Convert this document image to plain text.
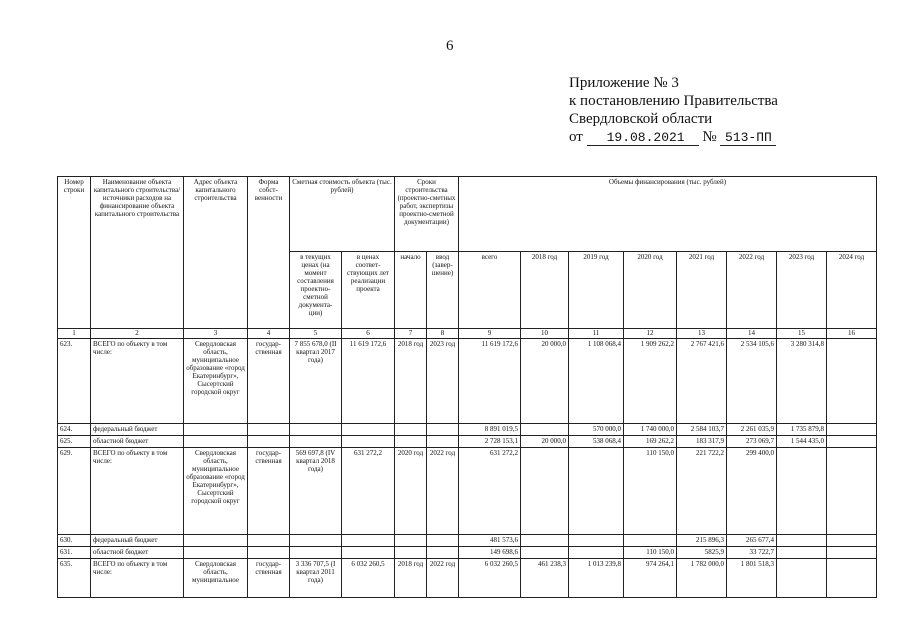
6
Приложение № 3
к постановлению Правительства
Свердловской области
от 19.08.2021 № 513-ПП
Номер строки	Наименование объекта капитального строительства/ источники расходов на финансирование объекта капитального строительства	Адрес объекта капитального строительства	Форма собст-венности	Сметная стоимость объекта (тыс. рублей)		Сроки строительства (проектно-сметных работ, экспертизы проектно-сметной документации)		Объемы финансирования (тыс. рублей)							
				в текущих ценах (на момент составления проектно-сметной документа-ции)	в ценах соответ-ствующих лет реализации проекта	начало	ввод (завер-шение)	всего	2018 год	2019 год	2020 год	2021 год	2022 год	2023 год	2024 год
1	2	3	4	5	6	7	8	9	10	11	12	13	14	15	16
623.	ВСЕГО по объекту в том числе:	Свердловская область, муниципальное образование «город Екатеринбург», Сысертский городской округ	государ-ственная	7 855 678,0 (II квартал 2017 года)	11 619 172,6	2018 год	2023 год	11 619 172,6	20 000,0	1 108 068,4	1 909 262,2	2 767 421,6	2 534 105,6	3 280 314,8	
624.	федеральный бюджет							8 891 019,5		570 000,0	1 740 000,0	2 584 103,7	2 261 035,9	1 735 879,8	
625.	областной бюджет							2 728 153,1	20 000,0	538 068,4	169 262,2	183 317,9	273 069,7	1 544 435,0	
629.	ВСЕГО по объекту в том числе:	Свердловская область, муниципальное образование «город Екатеринбург», Сысертский городской округ	государ-ственная	569 697,8 (IV квартал 2018 года)	631 272,2	2020 год	2022 год	631 272,2			110 150,0	221 722,2	299 400,0		
630.	федеральный бюджет							481 573,6				215 896,3	265 677,4		
631.	областной бюджет							149 698,6			110 150,0	5825,9	33 722,7		
635.	ВСЕГО по объекту в том числе:	Свердловская область, муниципальное	государ-ственная	3 336 707,5 (I квартал 2011 года)	6 032 260,5	2018 год	2022 год	6 032 260,5	461 238,3	1 013 239,8	974 264,1	1 782 000,0	1 801 518,3		
